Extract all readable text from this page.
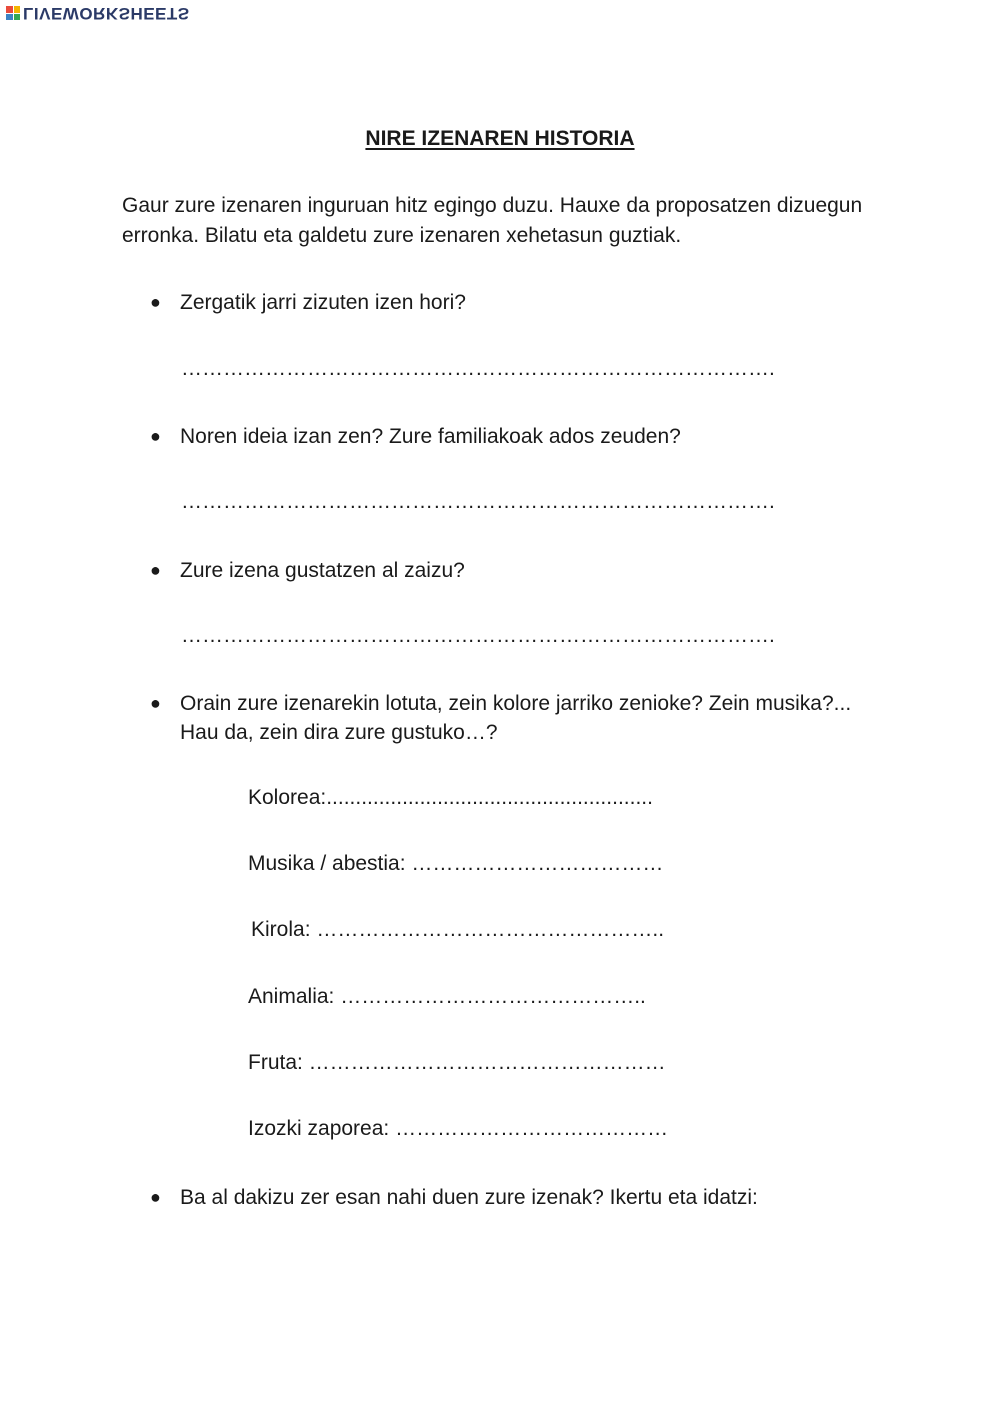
LIVEWORKSHEETS
NIRE IZENAREN HISTORIA
Gaur zure izenaren inguruan hitz egingo duzu. Hauxe da proposatzen dizuegun erronka. Bilatu eta galdetu zure izenaren xehetasun guztiak.
● Zergatik jarri zizuten izen hori?
………………………………………………………………………….
● Noren ideia izan zen? Zure familiakoak ados zeuden?
………………………………………………………………………….
● Zure izena gustatzen al zaizu?
………………………………………………………………………….
● Orain zure izenarekin lotuta, zein kolore jarriko zenioke? Zein musika?... Hau da, zein dira zure gustuko…?
Kolorea:........................................................
Musika / abestia: ………………………………
Kirola: …………………………………………..
Animalia: ……………………………………..
Fruta: ……………………………………………
Izozki zaporea: …………………………………
● Ba al dakizu zer esan nahi duen zure izenak? Ikertu eta idatzi:
